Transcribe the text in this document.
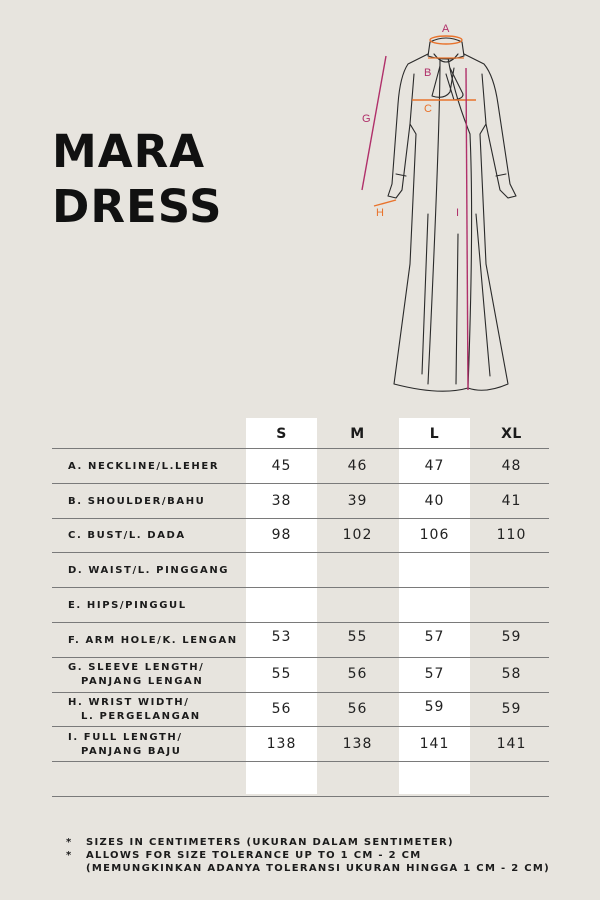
MARA
DRESS
A
B
C
G
H	I
S	M	L	XL
A. NECKLINE/L.LEHER	45	46	47	48
B. SHOULDER/BAHU	38	39	40	41
C. BUST/L. DADA	98	102	106	110
D. WAIST/L. PINGGANG
E. HIPS/PINGGUL
F. ARM HOLE/K. LENGAN	53	55	57	59
G. SLEEVE LENGTH/
PANJANG LENGAN	55	56	57	58
H. WRIST WIDTH/
L. PERGELANGAN	56	56	59	59
I. FULL LENGTH/
PANJANG BAJU	138	138	141	141
*	SIZES IN CENTIMETERS (UKURAN DALAM SENTIMETER)
*	ALLOWS FOR SIZE TOLERANCE UP TO 1 CM - 2 CM
(MEMUNGKINKAN ADANYA TOLERANSI UKURAN HINGGA 1 CM - 2 CM)
